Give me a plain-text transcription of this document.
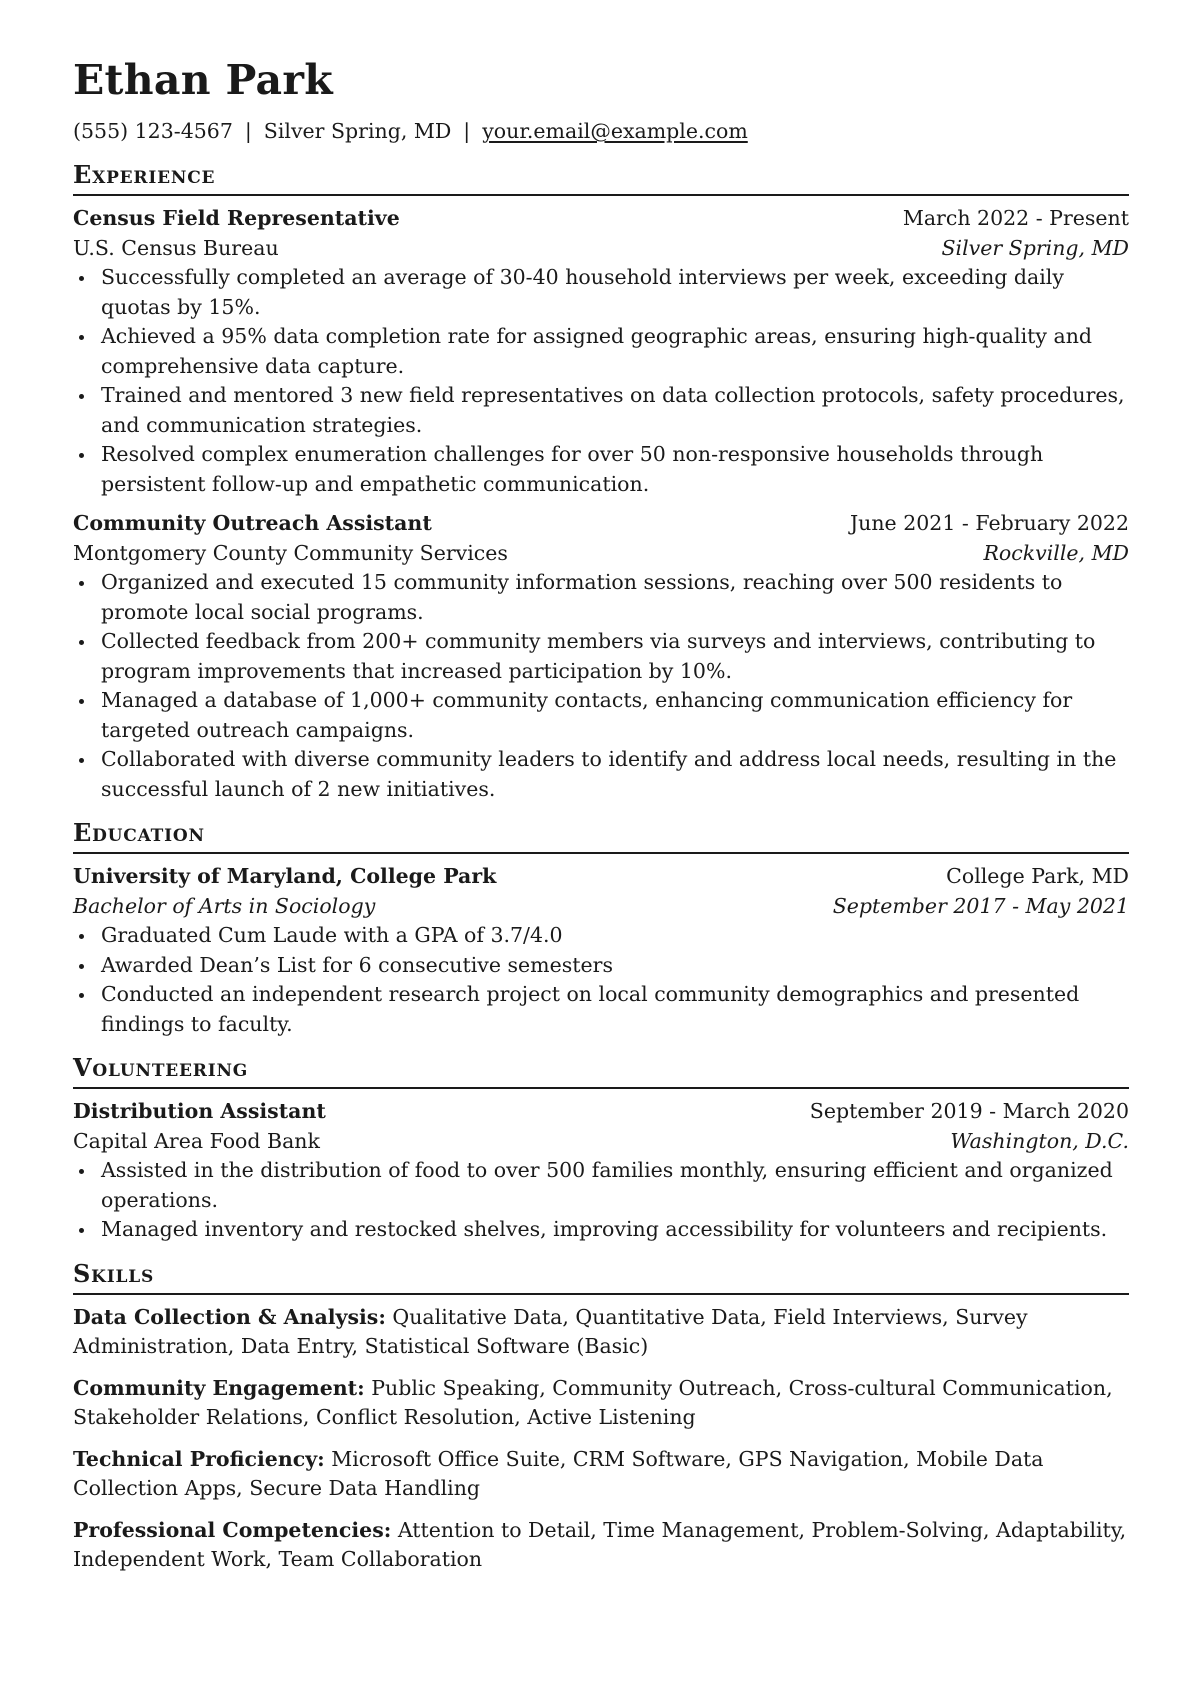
Ethan Park
(555) 123-4567 | Silver Spring, MD | your.email@example.com
Experience
Census Field Representative	March 2022 - Present
U.S. Census Bureau	Silver Spring, MD
Successfully completed an average of 30-40 household interviews per week, exceeding daily quotas by 15%.
Achieved a 95% data completion rate for assigned geographic areas, ensuring high-quality and comprehensive data capture.
Trained and mentored 3 new field representatives on data collection protocols, safety procedures, and communication strategies.
Resolved complex enumeration challenges for over 50 non-responsive households through persistent follow-up and empathetic communication.
Community Outreach Assistant	June 2021 - February 2022
Montgomery County Community Services	Rockville, MD
Organized and executed 15 community information sessions, reaching over 500 residents to promote local social programs.
Collected feedback from 200+ community members via surveys and interviews, contributing to program improvements that increased participation by 10%.
Managed a database of 1,000+ community contacts, enhancing communication efficiency for targeted outreach campaigns.
Collaborated with diverse community leaders to identify and address local needs, resulting in the successful launch of 2 new initiatives.
Education
University of Maryland, College Park	College Park, MD
Bachelor of Arts in Sociology	September 2017 - May 2021
Graduated Cum Laude with a GPA of 3.7/4.0
Awarded Dean’s List for 6 consecutive semesters
Conducted an independent research project on local community demographics and presented findings to faculty.
Volunteering
Distribution Assistant	September 2019 - March 2020
Capital Area Food Bank	Washington, D.C.
Assisted in the distribution of food to over 500 families monthly, ensuring efficient and organized operations.
Managed inventory and restocked shelves, improving accessibility for volunteers and recipients.
Skills
Data Collection & Analysis: Qualitative Data, Quantitative Data, Field Interviews, Survey Administration, Data Entry, Statistical Software (Basic)
Community Engagement: Public Speaking, Community Outreach, Cross-cultural Communication, Stakeholder Relations, Conflict Resolution, Active Listening
Technical Proficiency: Microsoft Office Suite, CRM Software, GPS Navigation, Mobile Data Collection Apps, Secure Data Handling
Professional Competencies: Attention to Detail, Time Management, Problem-Solving, Adaptability, Independent Work, Team Collaboration
